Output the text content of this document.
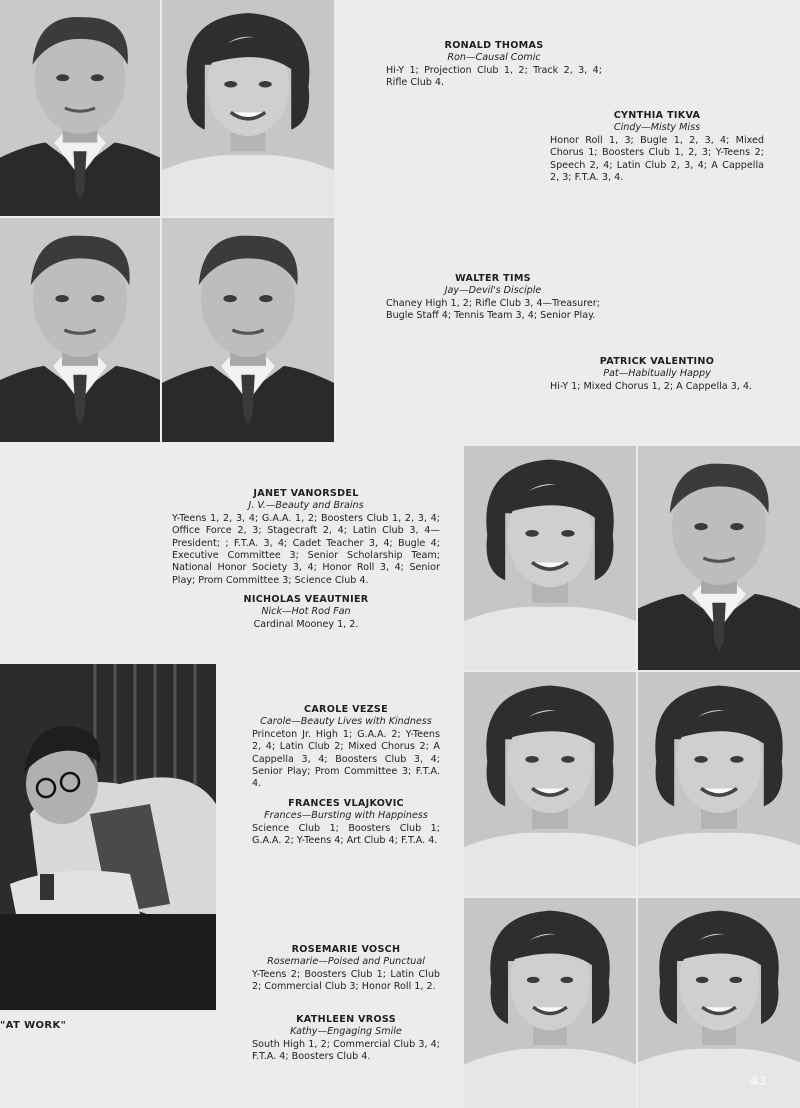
RONALD THOMAS
Ron—Causal Comic
Hi-Y 1; Projection Club 1, 2; Track 2, 3, 4; Rifle Club 4.
CYNTHIA TIKVA
Cindy—Misty Miss
Honor Roll 1, 3; Bugle 1, 2, 3, 4; Mixed Chorus 1; Boosters Club 1, 2, 3; Y-Teens 2; Speech 2, 4; Latin Club 2, 3, 4; A Cappella 2, 3; F.T.A. 3, 4.
WALTER TIMS
Jay—Devil's Disciple
Chaney High 1, 2; Rifle Club 3, 4—Treasurer; Bugle Staff 4; Tennis Team 3, 4; Senior Play.
PATRICK VALENTINO
Pat—Habitually Happy
Hi-Y 1; Mixed Chorus 1, 2; A Cappella 3, 4.
JANET VANORSDEL
J. V.—Beauty and Brains
Y-Teens 1, 2, 3, 4; G.A.A. 1, 2; Boosters Club 1, 2, 3, 4; Office Force 2, 3; Stagecraft 2, 4; Latin Club 3, 4—President; ; F.T.A. 3, 4; Cadet Teacher 3, 4; Bugle 4; Executive Committee 3; Senior Scholarship Team; National Honor Society 3, 4; Honor Roll 3, 4; Senior Play; Prom Committee 3; Science Club 4.
NICHOLAS VEAUTNIER
Nick—Hot Rod Fan
Cardinal Mooney 1, 2.
CAROLE VEZSE
Carole—Beauty Lives with Kindness
Princeton Jr. High 1; G.A.A. 2; Y-Teens 2, 4; Latin Club 2; Mixed Chorus 2; A Cappella 3, 4; Boosters Club 3, 4; Senior Play; Prom Committee 3; F.T.A. 4.
FRANCES VLAJKOVIC
Frances—Bursting with Happiness
Science Club 1; Boosters Club 1; G.A.A. 2; Y-Teens 4; Art Club 4; F.T.A. 4.
ROSEMARIE VOSCH
Rosemarie—Poised and Punctual
Y-Teens 2; Boosters Club 1; Latin Club 2; Commercial Club 3; Honor Roll 1, 2.
KATHLEEN VROSS
Kathy—Engaging Smile
South High 1, 2; Commercial Club 3, 4; F.T.A. 4; Boosters Club 4.
"AT WORK"
43
